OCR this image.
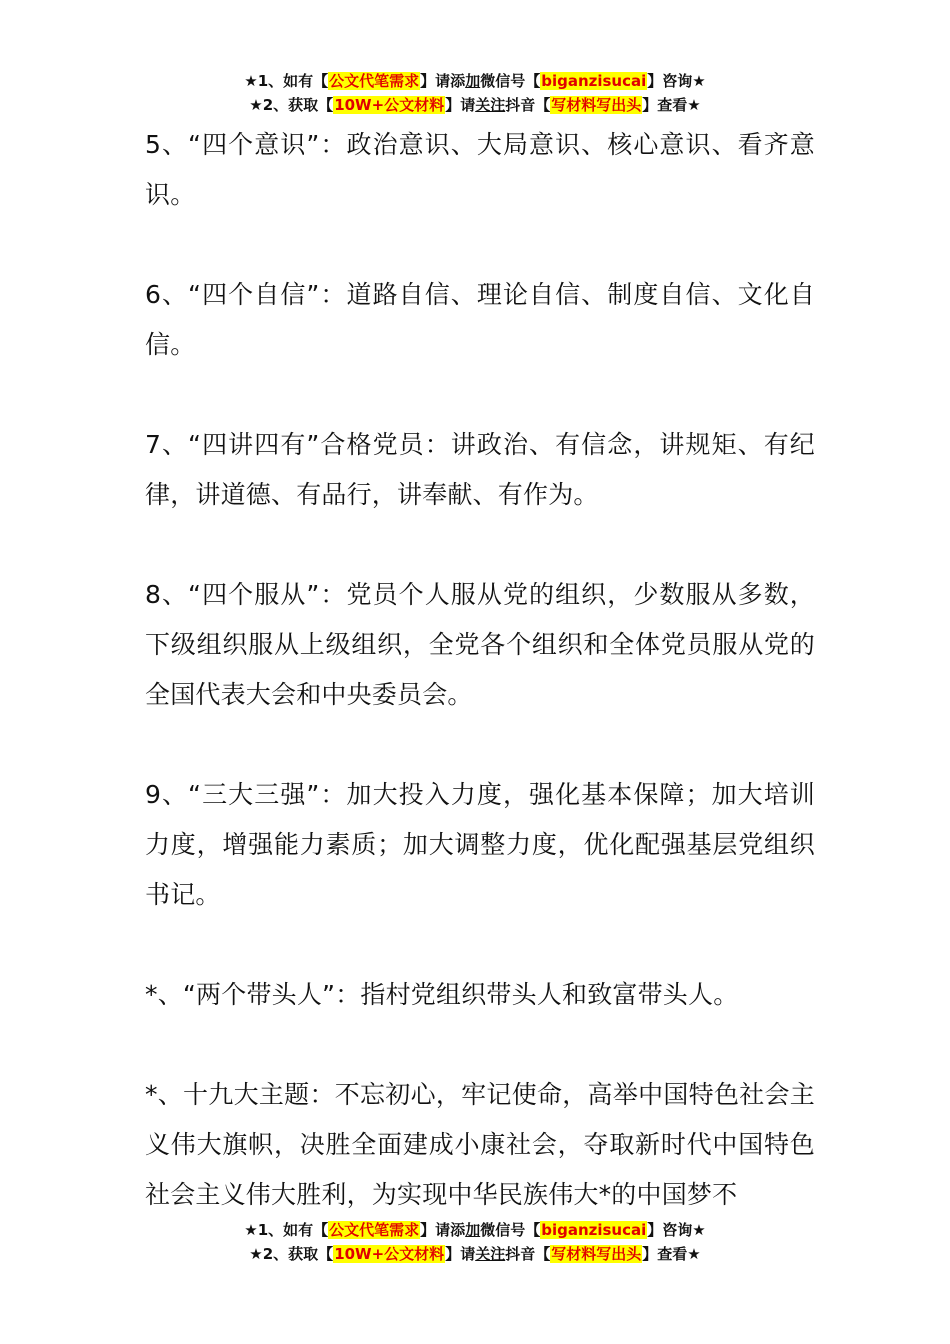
★1、如有【公文代笔需求】请添加微信号【biganzisucai】咨询★
★2、获取【10W+公文材料】请关注抖音【写材料写出头】查看★

5、“四个意识”：政治意识、大局意识、核心意识、看齐意识。

6、“四个自信”：道路自信、理论自信、制度自信、文化自信。

7、“四讲四有”合格党员：讲政治、有信念，讲规矩、有纪律，讲道德、有品行，讲奉献、有作为。

8、“四个服从”：党员个人服从党的组织，少数服从多数，下级组织服从上级组织，全党各个组织和全体党员服从党的全国代表大会和中央委员会。

9、“三大三强”：加大投入力度，强化基本保障；加大培训力度，增强能力素质；加大调整力度，优化配强基层党组织书记。

*、“两个带头人”：指村党组织带头人和致富带头人。

*、十九大主题：不忘初心，牢记使命，高举中国特色社会主义伟大旗帜，决胜全面建成小康社会，夺取新时代中国特色社会主义伟大胜利，为实现中华民族伟大*的中国梦不

★1、如有【公文代笔需求】请添加微信号【biganzisucai】咨询★
★2、获取【10W+公文材料】请关注抖音【写材料写出头】查看★
